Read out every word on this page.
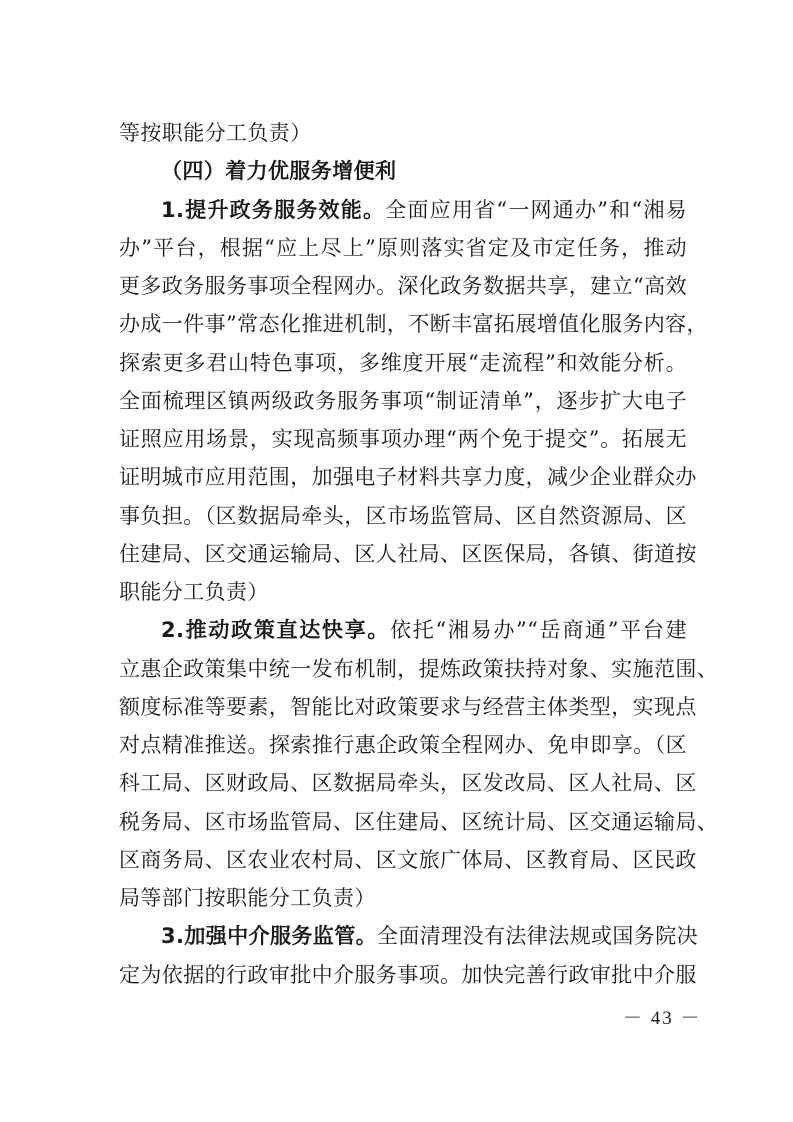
等按职能分工负责）
（四）着力优服务增便利
1.提升政务服务效能。全面应用省“一网通办”和“湘易
办”平台，根据“应上尽上”原则落实省定及市定任务，推动
更多政务服务事项全程网办。深化政务数据共享，建立“高效
办成一件事”常态化推进机制，不断丰富拓展增值化服务内容，
探索更多君山特色事项，多维度开展“走流程”和效能分析。
全面梳理区镇两级政务服务事项“制证清单”，逐步扩大电子
证照应用场景，实现高频事项办理“两个免于提交”。拓展无
证明城市应用范围，加强电子材料共享力度，减少企业群众办
事负担。（区数据局牵头，区市场监管局、区自然资源局、区
住建局、区交通运输局、区人社局、区医保局，各镇、街道按
职能分工负责）
2.推动政策直达快享。依托“湘易办”“岳商通”平台建
立惠企政策集中统一发布机制，提炼政策扶持对象、实施范围、
额度标准等要素，智能比对政策要求与经营主体类型，实现点
对点精准推送。探索推行惠企政策全程网办、免申即享。（区
科工局、区财政局、区数据局牵头，区发改局、区人社局、区
税务局、区市场监管局、区住建局、区统计局、区交通运输局、
区商务局、区农业农村局、区文旅广体局、区教育局、区民政
局等部门按职能分工负责）
3.加强中介服务监管。全面清理没有法律法规或国务院决
定为依据的行政审批中介服务事项。加快完善行政审批中介服
－ 43 －
